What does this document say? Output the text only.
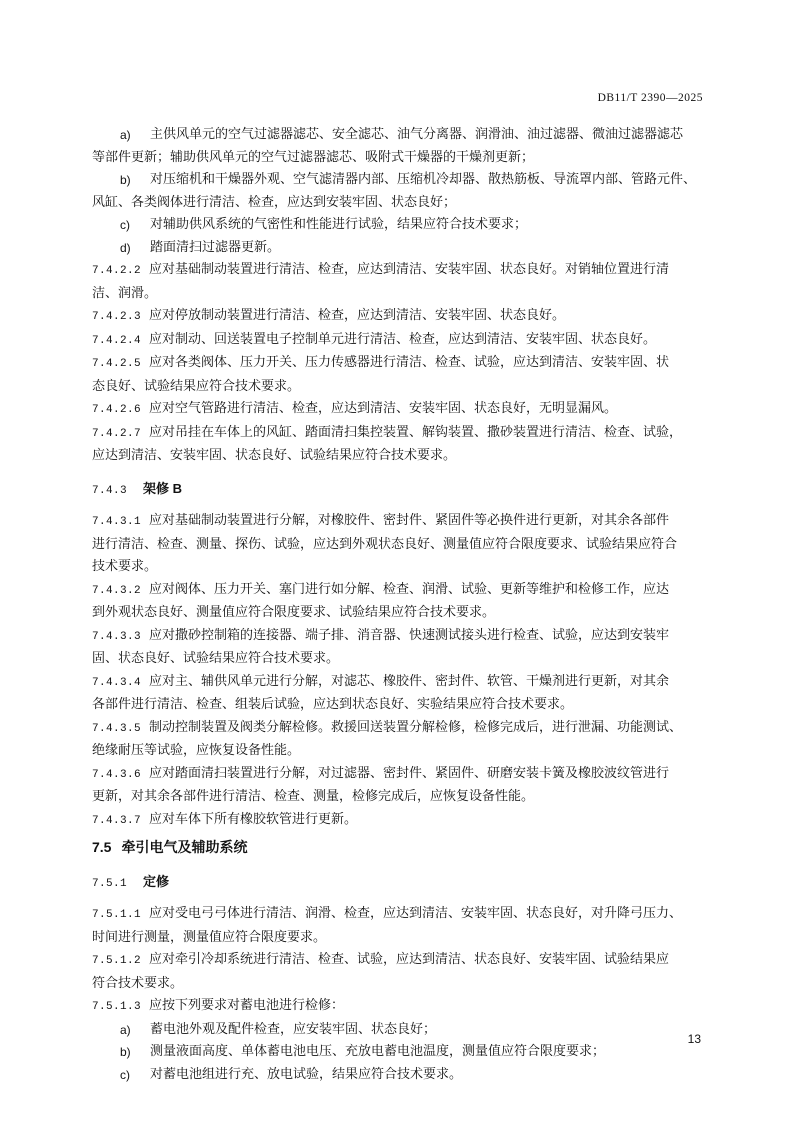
DB11/T 2390—2025
a)	主供风单元的空气过滤器滤芯、安全滤芯、油气分离器、润滑油、油过滤器、微油过滤器滤芯
等部件更新；辅助供风单元的空气过滤器滤芯、吸附式干燥器的干燥剂更新；
b)	对压缩机和干燥器外观、空气滤清器内部、压缩机冷却器、散热筋板、导流罩内部、管路元件、
风缸、各类阀体进行清洁、检查，应达到安装牢固、状态良好；
c)	对辅助供风系统的气密性和性能进行试验，结果应符合技术要求；
d)	踏面清扫过滤器更新。
7.4.2.2 应对基础制动装置进行清洁、检查，应达到清洁、安装牢固、状态良好。对销轴位置进行清
洁、润滑。
7.4.2.3 应对停放制动装置进行清洁、检查，应达到清洁、安装牢固、状态良好。
7.4.2.4 应对制动、回送装置电子控制单元进行清洁、检查，应达到清洁、安装牢固、状态良好。
7.4.2.5 应对各类阀体、压力开关、压力传感器进行清洁、检查、试验，应达到清洁、安装牢固、状
态良好、试验结果应符合技术要求。
7.4.2.6 应对空气管路进行清洁、检查，应达到清洁、安装牢固、状态良好，无明显漏风。
7.4.2.7 应对吊挂在车体上的风缸、踏面清扫集控装置、解钩装置、撒砂装置进行清洁、检查、试验，
应达到清洁、安装牢固、状态良好、试验结果应符合技术要求。
7.4.3 架修 B
7.4.3.1 应对基础制动装置进行分解，对橡胶件、密封件、紧固件等必换件进行更新，对其余各部件
进行清洁、检查、测量、探伤、试验，应达到外观状态良好、测量值应符合限度要求、试验结果应符合
技术要求。
7.4.3.2 应对阀体、压力开关、塞门进行如分解、检查、润滑、试验、更新等维护和检修工作，应达
到外观状态良好、测量值应符合限度要求、试验结果应符合技术要求。
7.4.3.3 应对撒砂控制箱的连接器、端子排、消音器、快速测试接头进行检查、试验，应达到安装牢
固、状态良好、试验结果应符合技术要求。
7.4.3.4 应对主、辅供风单元进行分解，对滤芯、橡胶件、密封件、软管、干燥剂进行更新，对其余
各部件进行清洁、检查、组装后试验，应达到状态良好、实验结果应符合技术要求。
7.4.3.5 制动控制装置及阀类分解检修。救援回送装置分解检修，检修完成后，进行泄漏、功能测试、
绝缘耐压等试验，应恢复设备性能。
7.4.3.6 应对踏面清扫装置进行分解，对过滤器、密封件、紧固件、研磨安装卡簧及橡胶波纹管进行
更新，对其余各部件进行清洁、检查、测量，检修完成后，应恢复设备性能。
7.4.3.7 应对车体下所有橡胶软管进行更新。
7.5 牵引电气及辅助系统
7.5.1 定修
7.5.1.1 应对受电弓弓体进行清洁、润滑、检查，应达到清洁、安装牢固、状态良好，对升降弓压力、
时间进行测量，测量值应符合限度要求。
7.5.1.2 应对牵引冷却系统进行清洁、检查、试验，应达到清洁、状态良好、安装牢固、试验结果应
符合技术要求。
7.5.1.3 应按下列要求对蓄电池进行检修：
a)	蓄电池外观及配件检查，应安装牢固、状态良好；
b)	测量液面高度、单体蓄电池电压、充放电蓄电池温度，测量值应符合限度要求；
c)	对蓄电池组进行充、放电试验，结果应符合技术要求。
13
